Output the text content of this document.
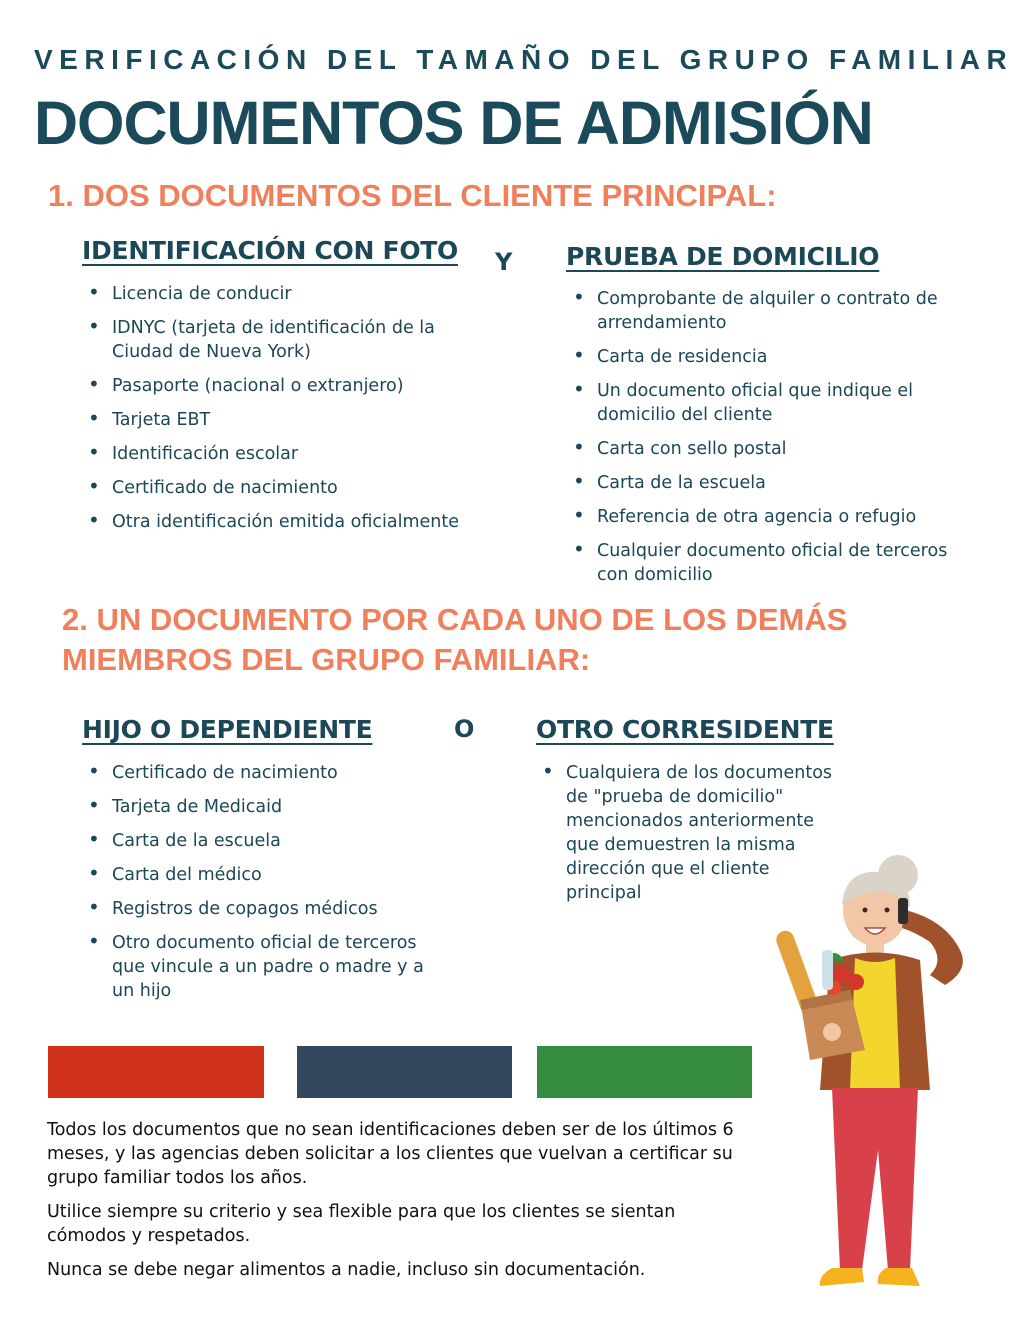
VERIFICACIÓN DEL TAMAÑO DEL GRUPO FAMILIAR
DOCUMENTOS DE ADMISIÓN
1. DOS DOCUMENTOS DEL CLIENTE PRINCIPAL:
IDENTIFICACIÓN CON FOTO Y PRUEBA DE DOMICILIO
• Licencia de conducir
• IDNYC (tarjeta de identificación de la Ciudad de Nueva York)
• Pasaporte (nacional o extranjero)
• Tarjeta EBT
• Identificación escolar
• Certificado de nacimiento
• Otra identificación emitida oficialmente
• Comprobante de alquiler o contrato de arrendamiento
• Carta de residencia
• Un documento oficial que indique el domicilio del cliente
• Carta con sello postal
• Carta de la escuela
• Referencia de otra agencia o refugio
• Cualquier documento oficial de terceros con domicilio
2. UN DOCUMENTO POR CADA UNO DE LOS DEMÁS
MIEMBROS DEL GRUPO FAMILIAR:
HIJO O DEPENDIENTE	O OTRO CORRESIDENTE
• Certificado de nacimiento
• Tarjeta de Medicaid
• Carta de la escuela
• Carta del médico
• Registros de copagos médicos
• Otro documento oficial de terceros que vincule a un padre o madre y a un hijo
• Cualquiera de los documentos de "prueba de domicilio" mencionados anteriormente que demuestren la misma dirección que el cliente principal
Todos los documentos que no sean identificaciones deben ser de los últimos 6 meses, y las agencias deben solicitar a los clientes que vuelvan a certificar su grupo familiar todos los años.
Utilice siempre su criterio y sea flexible para que los clientes se sientan cómodos y respetados.
Nunca se debe negar alimentos a nadie, incluso sin documentación.
